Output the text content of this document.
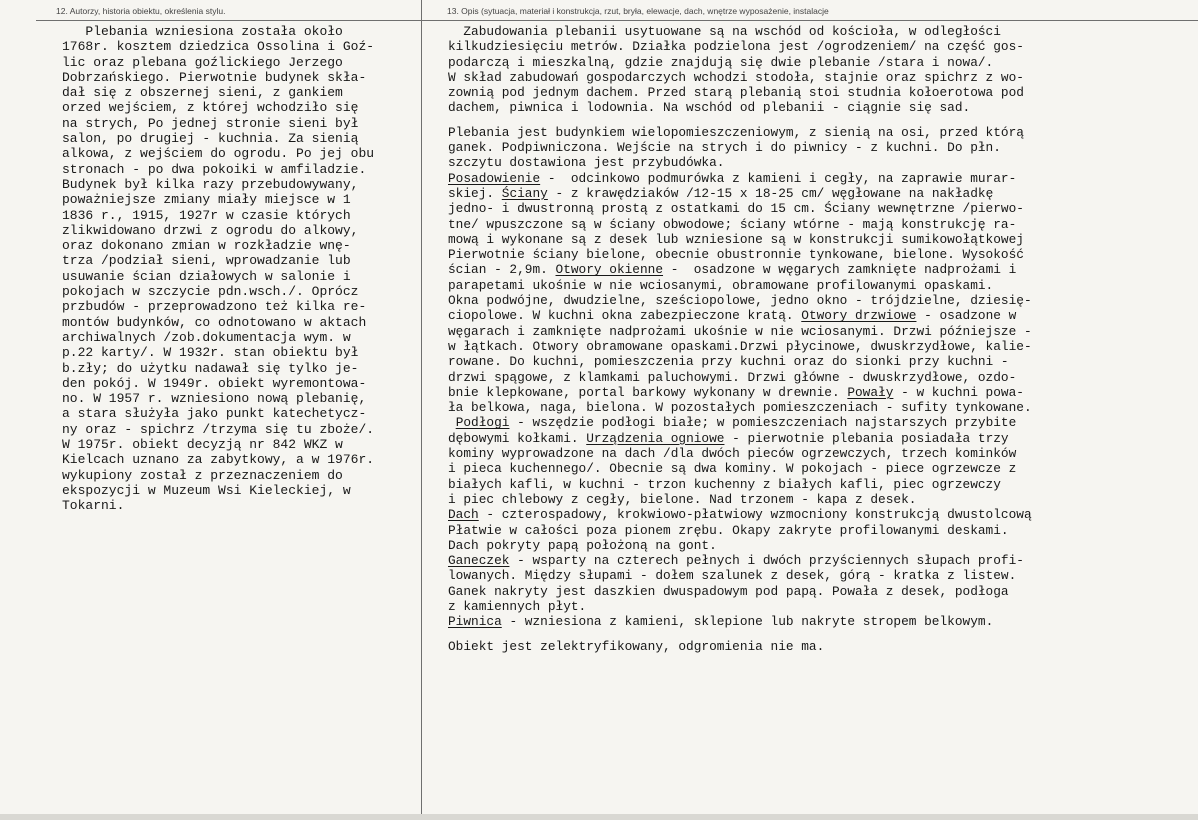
12. Autorzy, historia obiektu, określenia stylu.	13. Opis (sytuacja, materiał i konstrukcja, rzut, bryła, elewacje, dach, wnętrze wyposażenie, instalacje
Plebania wzniesiona została około
1768r. kosztem dziedzica Ossolina i Goź-
lic oraz plebana goźlickiego Jerzego
Dobrzańskiego. Pierwotnie budynek skła-
dał się z obszernej sieni, z gankiem
orzed wejściem, z której wchodziło się
na strych, Po jednej stronie sieni był
salon, po drugiej - kuchnia. Za sienią
alkowa, z wejściem do ogrodu. Po jej obu
stronach - po dwa pokoiki w amfiladzie.
Budynek był kilka razy przebudowywany,
poważniejsze zmiany miały miejsce w 1
1836 r., 1915, 1927r w czasie których
zlikwidowano drzwi z ogrodu do alkowy,
oraz dokonano zmian w rozkładzie wnę-
trza /podział sieni, wprowadzanie lub
usuwanie ścian działowych w salonie i
pokojach w szczycie pdn.wsch./. Oprócz
przbudów - przeprowadzono też kilka re-
montów budynków, co odnotowano w aktach
archiwalnych /zob.dokumentacja wym. w
p.22 karty/. W 1932r. stan obiektu był
b.zły; do użytku nadawał się tylko je-
den pokój. W 1949r. obiekt wyremontowa-
no. W 1957 r. wzniesiono nową plebanię,
a stara służyła jako punkt katechetycz-
ny oraz - spichrz /trzyma się tu zboże/.
W 1975r. obiekt decyzją nr 842 WKZ w
Kielcach uznano za zabytkowy, a w 1976r.
wykupiony został z przeznaczeniem do
ekspozycji w Muzeum Wsi Kieleckiej, w
Tokarni.
Zabudowania plebanii usytuowane są na wschód od kościoła, w odległości
kilkudziesięciu metrów. Działka podzielona jest /ogrodzeniem/ na część gos-
podarczą i mieszkalną, gdzie znajdują się dwie plebanie /stara i nowa/.
W skład zabudowań gospodarczych wchodzi stodoła, stajnie oraz spichrz z wo-
zownią pod jednym dachem. Przed starą plebanią stoi studnia kołoerotowa pod
dachem, piwnica i lodownia. Na wschód od plebanii - ciągnie się sad.
Plebania jest budynkiem wielopomieszczeniowym, z sienią na osi, przed którą
ganek. Podpiwniczona. Wejście na strych i do piwnicy - z kuchni. Do płn.
szczytu dostawiona jest przybudówka.
Posadowienie -  odcinkowo podmurówka z kamieni i cegły, na zaprawie murar-
skiej. Ściany - z krawędziaków /12-15 x 18-25 cm/ węgłowane na nakładkę
jedno- i dwustronną prostą z ostatkami do 15 cm. Ściany wewnętrzne /pierwo-
tne/ wpuszczone są w ściany obwodowe; ściany wtórne - mają konstrukcję ra-
mową i wykonane są z desek lub wzniesione są w konstrukcji sumikowołątkowej
Pierwotnie ściany bielone, obecnie obustronnie tynkowane, bielone. Wysokość
ścian - 2,9m. Otwory okienne -  osadzone w węgarych zamknięte nadprożami i
parapetami ukośnie w nie wciosanymi, obramowane profilowanymi opaskami.
Okna podwójne, dwudzielne, sześciopolowe, jedno okno - trójdzielne, dziesię-
ciopolowe. W kuchni okna zabezpieczone kratą. Otwory drzwiowe - osadzone w
węgarach i zamknięte nadprożami ukośnie w nie wciosanymi. Drzwi późniejsze -
w łątkach. Otwory obramowane opaskami.Drzwi płycinowe, dwuskrzydłowe, kalie-
rowane. Do kuchni, pomieszczenia przy kuchni oraz do sionki przy kuchni -
drzwi spągowe, z klamkami paluchowymi. Drzwi główne - dwuskrzydłowe, ozdo-
bnie klepkowane, portal barkowy wykonany w drewnie. Powały - w kuchni powa-
ła belkowa, naga, bielona. W pozostałych pomieszczeniach - sufity tynkowane.
Podłogi - wszędzie podłogi białe; w pomieszczeniach najstarszych przybite
dębowymi kołkami. Urządzenia ogniowe - pierwotnie plebania posiadała trzy
kominy wyprowadzone na dach /dla dwóch pieców ogrzewczych, trzech kominków
i pieca kuchennego/. Obecnie są dwa kominy. W pokojach - piece ogrzewcze z
białych kafli, w kuchni - trzon kuchenny z białych kafli, piec ogrzewczy
i piec chlebowy z cegły, bielone. Nad trzonem - kapa z desek.
Dach - czterospadowy, krokwiowo-płatwiowy wzmocniony konstrukcją dwustolcową
Płatwie w całości poza pionem zrębu. Okapy zakryte profilowanymi deskami.
Dach pokryty papą położoną na gont.
Ganeczek - wsparty na czterech pełnych i dwóch przyściennych słupach profi-
lowanych. Między słupami - dołem szalunek z desek, górą - kratka z listew.
Ganek nakryty jest daszkien dwuspadowym pod papą. Powała z desek, podłoga
z kamiennych płyt.
Piwnica - wzniesiona z kamieni, sklepione lub nakryte stropem belkowym.
Obiekt jest zelektryfikowany, odgromienia nie ma.
